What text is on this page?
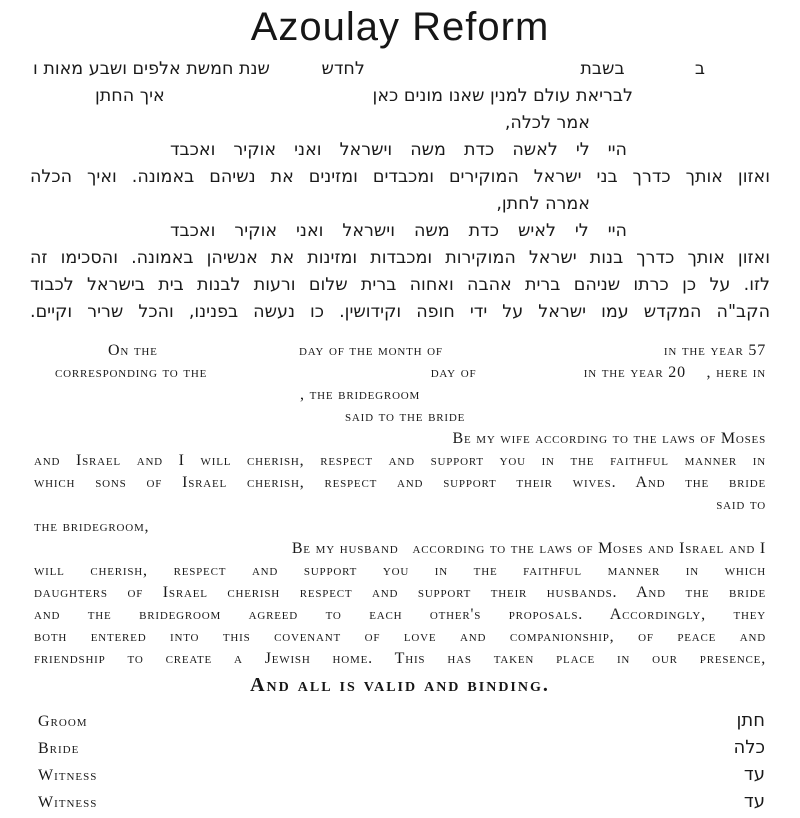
Azoulay Reform
ב
בשבת
לחדש
שנת חמשת אלפים ושבע מאות ו
לבריאת עולם למנין שאנו מונים כאן
איך החתן
אמר לכלה,
היי לי לאשה כדת משה וישראל ואני אוקיר ואכבד
ואזון אותך כדרך בני ישראל המוקירים ומכבדים ומזינים את נשיהם באמונה. ואיך הכלה
אמרה לחתן,
היי לי לאיש כדת משה וישראל ואני אוקיר ואכבד
ואזון אותך כדרך בנות ישראל המוקירות ומכבדות ומזינות את אנשיהן באמונה. והסכימו זה
לזו. על כן כרתו שניהם ברית אהבה ואחוה ברית שלום ורעות לבנות בית בישראל לכבוד
הקב"ה המקדש עמו ישראל על ידי חופה וקידושין. כו נעשה בפנינו, והכל שריר וקיים.
On the	day of the month of	in the year 57
corresponding to the	day of	in the year 20 , here in
, the bridegroom
said to the bride
Be my wife according to the laws of Moses
and Israel and I will cherish, respect and support you in the faithful manner in
which sons of Israel cherish, respect and support their wives. And the bride
said to
the bridegroom,
Be my husband according to the laws of Moses and Israel and I
will cherish, respect and support you in the faithful manner in which
daughters of Israel cherish respect and support their husbands. And the bride
and the bridegroom agreed to each other's proposals. Accordingly, they
both entered into this covenant of love and companionship, of peace and
friendship to create a Jewish home. This has taken place in our presence,
And all is valid and binding.
Groom	חתן
Bride	כלה
Witness	עד
Witness	עד
